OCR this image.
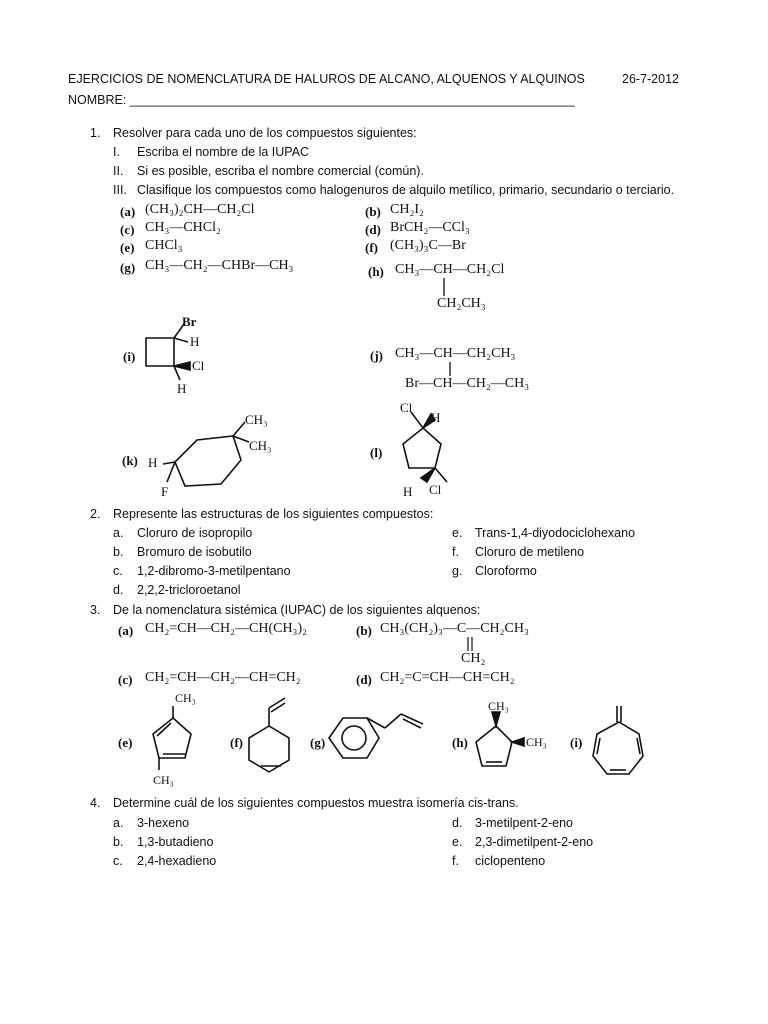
EJERCICIOS DE NOMENCLATURA DE HALUROS DE ALCANO, ALQUENOS Y ALQUINOS	26-7-2012
NOMBRE: ________________________________________________________________
1. Resolver para cada uno de los compuestos siguientes:
I. Escriba el nombre de la IUPAC
II. Si es posible, escriba el nombre comercial (común).
III. Clasifique los compuestos como halogenuros de alquilo metílico, primario, secundario o terciario.
(a) (CH₃)₂CH—CH₂Cl	(b) CH₂I₂
(c) CH₃—CHCl₂	(d) BrCH₂—CCl₃
(e) CHCl₃	(f) (CH₃)₃C—Br
(g) CH₃—CH₂—CHBr—CH₃	(h) CH₃—CH—CH₂Cl
CH₂CH₃
(i)
Br
H
Cl
H
(j) CH₃—CH—CH₂CH₃
Br—CH—CH₂—CH₃
(k)
CH₃
CH₃
H
F
(l)
Cl
H
H Cl
2. Represente las estructuras de los siguientes compuestos:
a. Cloruro de isopropilo
b. Bromuro de isobutilo
c. 1,2-dibromo-3-metilpentano
d. 2,2,2-tricloroetanol
e. Trans-1,4-diyodociclohexano
f. Cloruro de metileno
g. Cloroformo
3. De la nomenclatura sistémica (IUPAC) de los siguientes alquenos:
(a) CH₂=CH—CH₂—CH(CH₃)₂	(b) CH₃(CH₂)₃—C—CH₂CH₃
CH₂
(c) CH₂=CH—CH₂—CH=CH₂	(d) CH₂=C=CH—CH=CH₂
(e)
CH₃
CH₃
(f)	(g)	(h)
CH₃
CH₃ (i)
4. Determine cuál de los siguientes compuestos muestra isomería cis-trans.
a. 3-hexeno
b. 1,3-butadieno
c. 2,4-hexadieno
d. 3-metilpent-2-eno
e. 2,3-dimetilpent-2-eno
f. ciclopenteno
